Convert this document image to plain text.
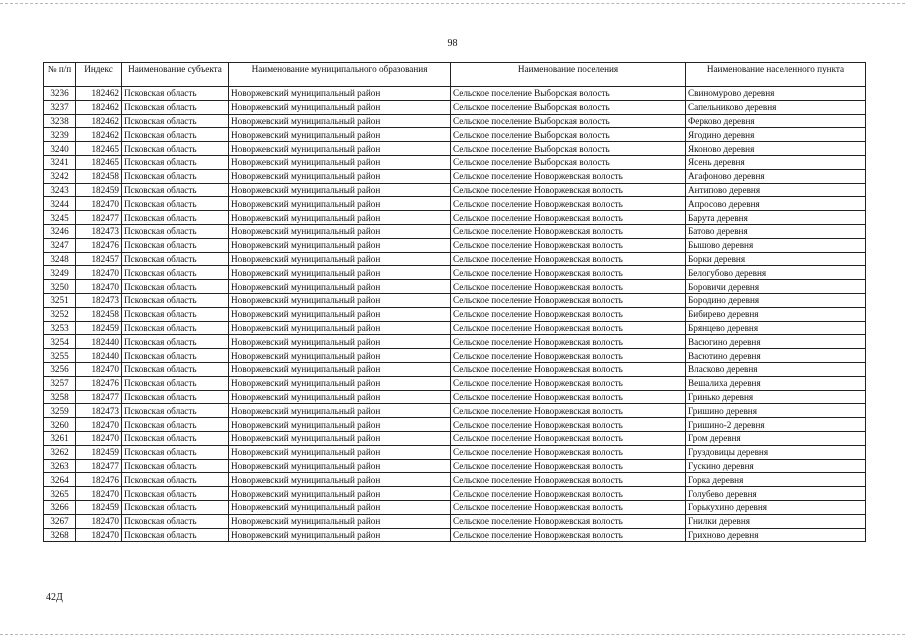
98
№ п/п	Индекс	Наименование субъекта	Наименование муниципального образования	Наименование поселения	Наименование населенного пункта
3236	182462	Псковская область	Новоржевский муниципальный район	Сельское поселение Выборская волость	Свиномурово деревня
3237	182462	Псковская область	Новоржевский муниципальный район	Сельское поселение Выборская волость	Сапельниково деревня
3238	182462	Псковская область	Новоржевский муниципальный район	Сельское поселение Выборская волость	Ферково деревня
3239	182462	Псковская область	Новоржевский муниципальный район	Сельское поселение Выборская волость	Ягодино деревня
3240	182465	Псковская область	Новоржевский муниципальный район	Сельское поселение Выборская волость	Яконово деревня
3241	182465	Псковская область	Новоржевский муниципальный район	Сельское поселение Выборская волость	Ясень деревня
3242	182458	Псковская область	Новоржевский муниципальный район	Сельское поселение Новоржевская волость	Агафоново деревня
3243	182459	Псковская область	Новоржевский муниципальный район	Сельское поселение Новоржевская волость	Антипово деревня
3244	182470	Псковская область	Новоржевский муниципальный район	Сельское поселение Новоржевская волость	Апросово деревня
3245	182477	Псковская область	Новоржевский муниципальный район	Сельское поселение Новоржевская волость	Барута деревня
3246	182473	Псковская область	Новоржевский муниципальный район	Сельское поселение Новоржевская волость	Батово деревня
3247	182476	Псковская область	Новоржевский муниципальный район	Сельское поселение Новоржевская волость	Бышово деревня
3248	182457	Псковская область	Новоржевский муниципальный район	Сельское поселение Новоржевская волость	Борки деревня
3249	182470	Псковская область	Новоржевский муниципальный район	Сельское поселение Новоржевская волость	Белогубово деревня
3250	182470	Псковская область	Новоржевский муниципальный район	Сельское поселение Новоржевская волость	Боровичи деревня
3251	182473	Псковская область	Новоржевский муниципальный район	Сельское поселение Новоржевская волость	Бородино деревня
3252	182458	Псковская область	Новоржевский муниципальный район	Сельское поселение Новоржевская волость	Бибирево деревня
3253	182459	Псковская область	Новоржевский муниципальный район	Сельское поселение Новоржевская волость	Брянцево деревня
3254	182440	Псковская область	Новоржевский муниципальный район	Сельское поселение Новоржевская волость	Васюгино деревня
3255	182440	Псковская область	Новоржевский муниципальный район	Сельское поселение Новоржевская волость	Васютино деревня
3256	182470	Псковская область	Новоржевский муниципальный район	Сельское поселение Новоржевская волость	Власково деревня
3257	182476	Псковская область	Новоржевский муниципальный район	Сельское поселение Новоржевская волость	Вешалиха деревня
3258	182477	Псковская область	Новоржевский муниципальный район	Сельское поселение Новоржевская волость	Гринько деревня
3259	182473	Псковская область	Новоржевский муниципальный район	Сельское поселение Новоржевская волость	Гришино деревня
3260	182470	Псковская область	Новоржевский муниципальный район	Сельское поселение Новоржевская волость	Гришино-2 деревня
3261	182470	Псковская область	Новоржевский муниципальный район	Сельское поселение Новоржевская волость	Гром деревня
3262	182459	Псковская область	Новоржевский муниципальный район	Сельское поселение Новоржевская волость	Груздовицы деревня
3263	182477	Псковская область	Новоржевский муниципальный район	Сельское поселение Новоржевская волость	Гускино деревня
3264	182476	Псковская область	Новоржевский муниципальный район	Сельское поселение Новоржевская волость	Горка деревня
3265	182470	Псковская область	Новоржевский муниципальный район	Сельское поселение Новоржевская волость	Голубево деревня
3266	182459	Псковская область	Новоржевский муниципальный район	Сельское поселение Новоржевская волость	Горькухино деревня
3267	182470	Псковская область	Новоржевский муниципальный район	Сельское поселение Новоржевская волость	Гнилки деревня
3268	182470	Псковская область	Новоржевский муниципальный район	Сельское поселение Новоржевская волость	Грихново деревня
42Д
